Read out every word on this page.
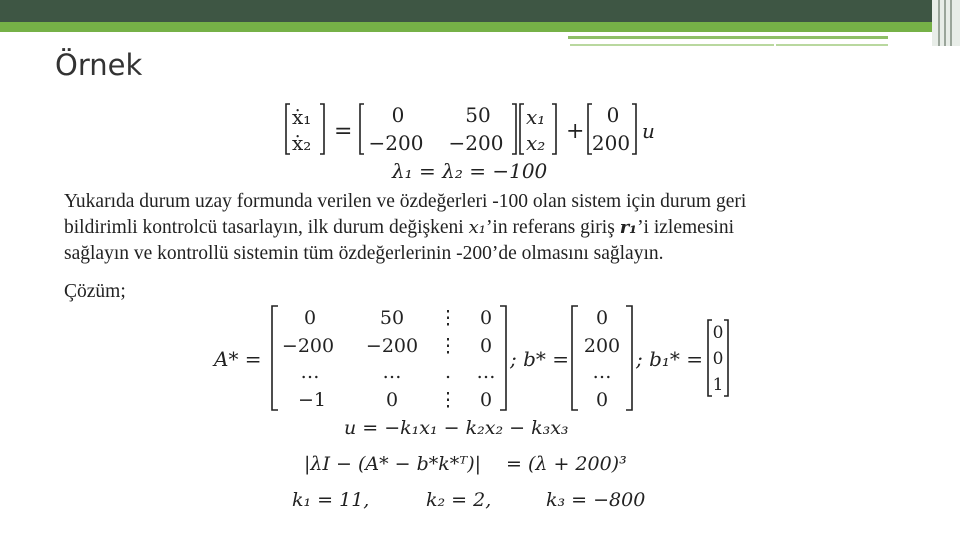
Örnek
ẋ₁
ẋ₂ =
0	50
−200 −200
x₁
x₂ +
0
200 u
λ₁ = λ₂ = −100
Yukarıda durum uzay formunda verilen ve özdeğerleri -100 olan sistem için durum geri
bildirimli kontrolcü tasarlayın, ilk durum değişkeni x₁’in referans giriş r₁’i izlemesini
sağlayın ve kontrollü sistemin tüm özdeğerlerinin -200’de olmasını sağlayın.
Çözüm;
A* =
0	50 ⋮ 0
−200 −200 ⋮ 0
…	… . …
−1	0 ⋮ 0
; b* =
0
200
…
0
; b₁* =
0
0
1
u = −k₁x₁ − k₂x₂ − k₃x₃
|λI − (A* − b*k*ᵀ)| = (λ + 200)³
k₁ = 11,	k₂ = 2,	k₃ = −800
